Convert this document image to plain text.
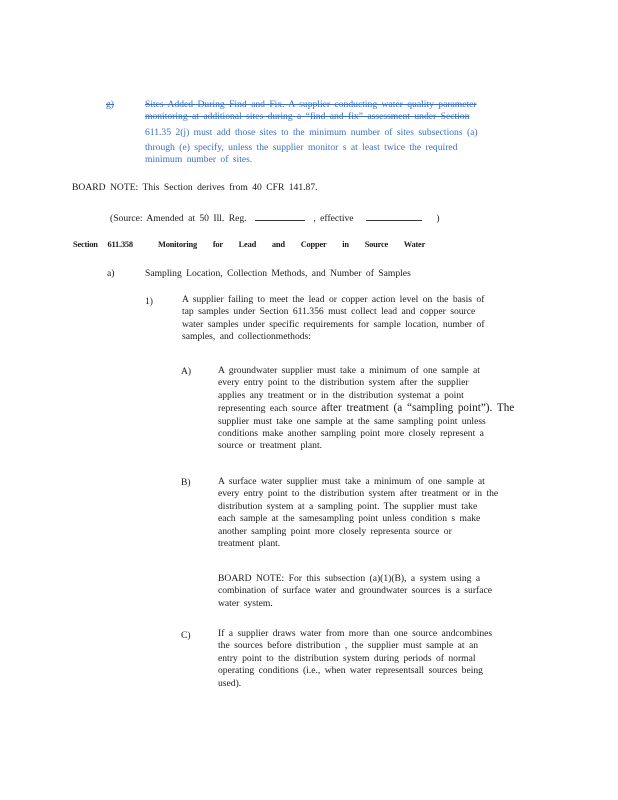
g)	Sites Added During Find and Fix. A supplier conducting water quality parameter
monitoring at additional sites during a “find and fix” assessment under Section
611.35 2(j) must add those sites to the minimum number of sites subsections (a)
through (e) specify, unless the supplier monitor s at least twice the required
minimum number of sites.
BOARD NOTE: This Section derives from 40 CFR 141.87.
(Source: Amended at 50 Ill. Reg.	, effective	)
Section 611.358	Monitoring for Lead and Copper in Source Water
a)	Sampling Location, Collection Methods, and Number of Samples
1)	A supplier failing to meet the lead or copper action level on the basis of
tap samples under Section 611.356 must collect lead and copper source
water samples under specific requirements for sample location, number of
samples, and collectionmethods:
A)	A groundwater supplier must take a minimum of one sample at
every entry point to the distribution system after the supplier
applies any treatment or in the distribution systemat a point
representing each source after treatment (a “sampling point”). The
supplier must take one sample at the same sampling point unless
conditions make another sampling point more closely represent a
source or treatment plant.
B)	A surface water supplier must take a minimum of one sample at
every entry point to the distribution system after treatment or in the
distribution system at a sampling point. The supplier must take
each sample at the samesampling point unless condition s make
another sampling point more closely representa source or
treatment plant.
BOARD NOTE: For this subsection (a)(1)(B), a system using a
combination of surface water and groundwater sources is a surface
water system.
C)	If a supplier draws water from more than one source andcombines
the sources before distribution , the supplier must sample at an
entry point to the distribution system during periods of normal
operating conditions (i.e., when water representsall sources being
used).
